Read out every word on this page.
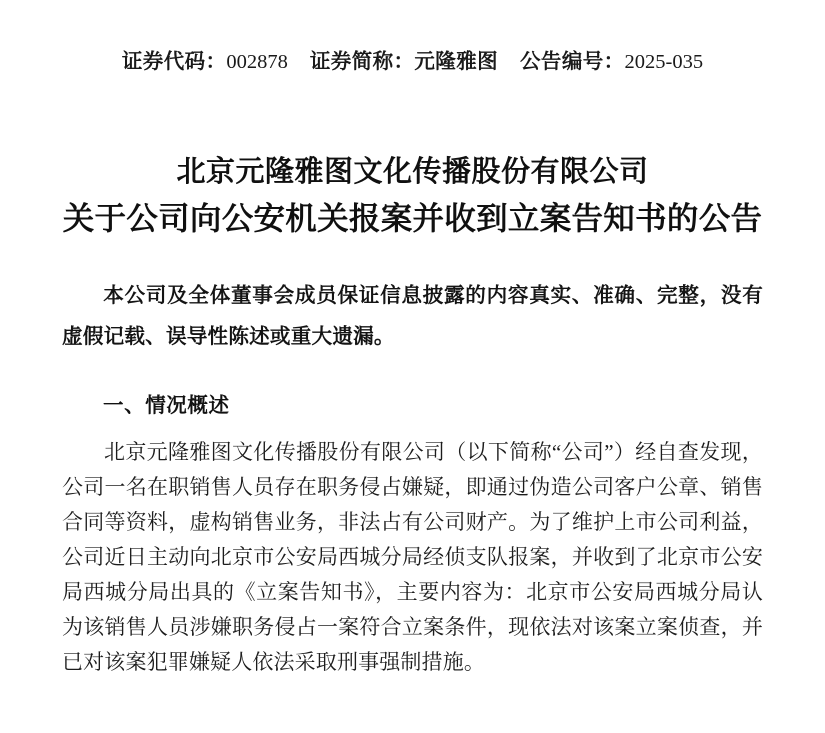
证券代码：002878 证券简称：元隆雅图 公告编号：2025-035
北京元隆雅图文化传播股份有限公司
关于公司向公安机关报案并收到立案告知书的公告

本公司及全体董事会成员保证信息披露的内容真实、准确、完整，没有虚假记载、误导性陈述或重大遗漏。

一、情况概述

北京元隆雅图文化传播股份有限公司（以下简称“公司”）经自查发现，公司一名在职销售人员存在职务侵占嫌疑，即通过伪造公司客户公章、销售合同等资料，虚构销售业务，非法占有公司财产。为了维护上市公司利益，公司近日主动向北京市公安局西城分局经侦支队报案，并收到了北京市公安局西城分局出具的《立案告知书》，主要内容为：北京市公安局西城分局认为该销售人员涉嫌职务侵占一案符合立案条件，现依法对该案立案侦查，并已对该案犯罪嫌疑人依法采取刑事强制措施。
